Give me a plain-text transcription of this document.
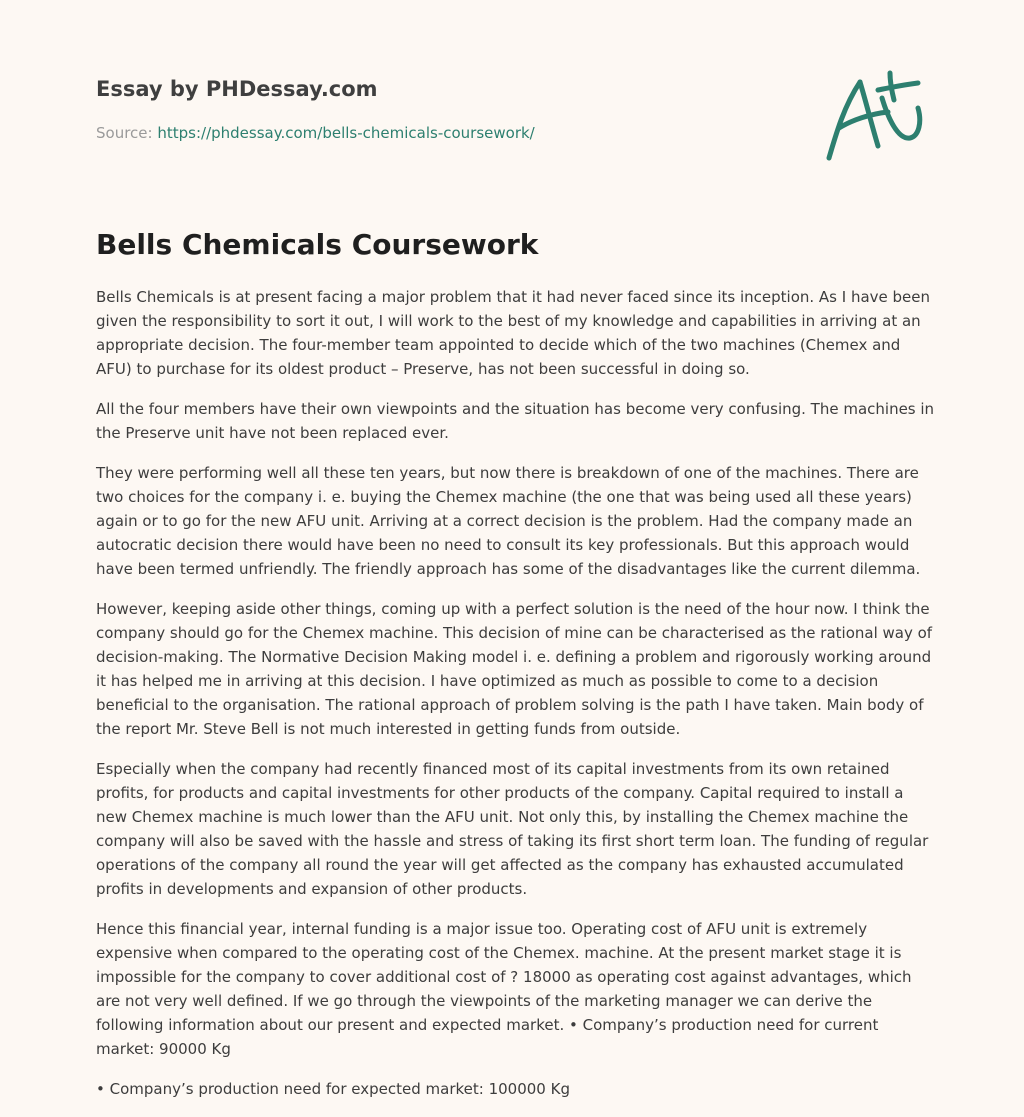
Essay by PHDessay.com
Source: https://phdessay.com/bells-chemicals-coursework/
Bells Chemicals Coursework

Bells Chemicals is at present facing a major problem that it had never faced since its inception. As I have been given the responsibility to sort it out, I will work to the best of my knowledge and capabilities in arriving at an appropriate decision. The four-member team appointed to decide which of the two machines (Chemex and AFU) to purchase for its oldest product – Preserve, has not been successful in doing so.

All the four members have their own viewpoints and the situation has become very confusing. The machines in the Preserve unit have not been replaced ever.

They were performing well all these ten years, but now there is breakdown of one of the machines. There are two choices for the company i. e. buying the Chemex machine (the one that was being used all these years) again or to go for the new AFU unit. Arriving at a correct decision is the problem. Had the company made an autocratic decision there would have been no need to consult its key professionals. But this approach would have been termed unfriendly. The friendly approach has some of the disadvantages like the current dilemma.

However, keeping aside other things, coming up with a perfect solution is the need of the hour now. I think the company should go for the Chemex machine. This decision of mine can be characterised as the rational way of decision-making. The Normative Decision Making model i. e. defining a problem and rigorously working around it has helped me in arriving at this decision. I have optimized as much as possible to come to a decision beneficial to the organisation. The rational approach of problem solving is the path I have taken. Main body of the report Mr. Steve Bell is not much interested in getting funds from outside.

Especially when the company had recently financed most of its capital investments from its own retained profits, for products and capital investments for other products of the company. Capital required to install a new Chemex machine is much lower than the AFU unit. Not only this, by installing the Chemex machine the company will also be saved with the hassle and stress of taking its first short term loan. The funding of regular operations of the company all round the year will get affected as the company has exhausted accumulated profits in developments and expansion of other products.

Hence this financial year, internal funding is a major issue too. Operating cost of AFU unit is extremely expensive when compared to the operating cost of the Chemex. machine. At the present market stage it is impossible for the company to cover additional cost of ? 18000 as operating cost against advantages, which are not very well defined. If we go through the viewpoints of the marketing manager we can derive the following information about our present and expected market. • Company’s production need for current market: 90000 Kg

• Company’s production need for expected market: 100000 Kg
